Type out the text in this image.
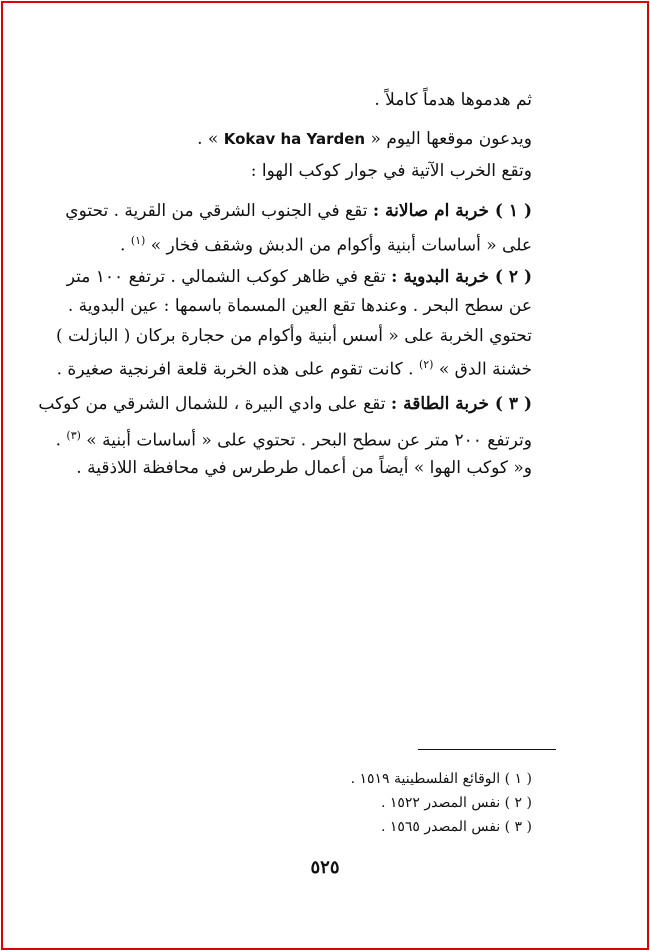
ثم هدموها هدماً كاملاً .
ويدعون موقعها اليوم « Kokav ha Yarden » .
وتقع الخرب الآتية في جوار كوكب الهوا :
( ١ ) خربة ام صالانة : تقع في الجنوب الشرقي من القرية . تحتوي
على « أساسات أبنية وأكوام من الدبش وشقف فخار » $^{(١)}$ .
( ٢ ) خربة البدوية : تقع في ظاهر كوكب الشمالي . ترتفع ١٠٠ متر
عن سطح البحر . وعندها تقع العين المسماة باسمها : عين البدوية .
تحتوي الخربة على « أسس أبنية وأكوام من حجارة بركان ( البازلت )
خشنة الدق » $^{(٢)}$ . كانت تقوم على هذه الخربة قلعة افرنجية صغيرة .
( ٣ ) خربة الطاقة : تقع على وادي البيرة ، للشمال الشرقي من كوكب
وترتفع ٢٠٠ متر عن سطح البحر . تحتوي على « أساسات أبنية » $^{(٣)}$ .
و« كوكب الهوا » أيضاً من أعمال طرطرس في محافظة اللاذقية .
( ١ ) الوقائع الفلسطينية ١٥١٩ .
( ٢ ) نفس المصدر ١٥٢٢ .
( ٣ ) نفس المصدر ١٥٦٥ .
٥٢٥
